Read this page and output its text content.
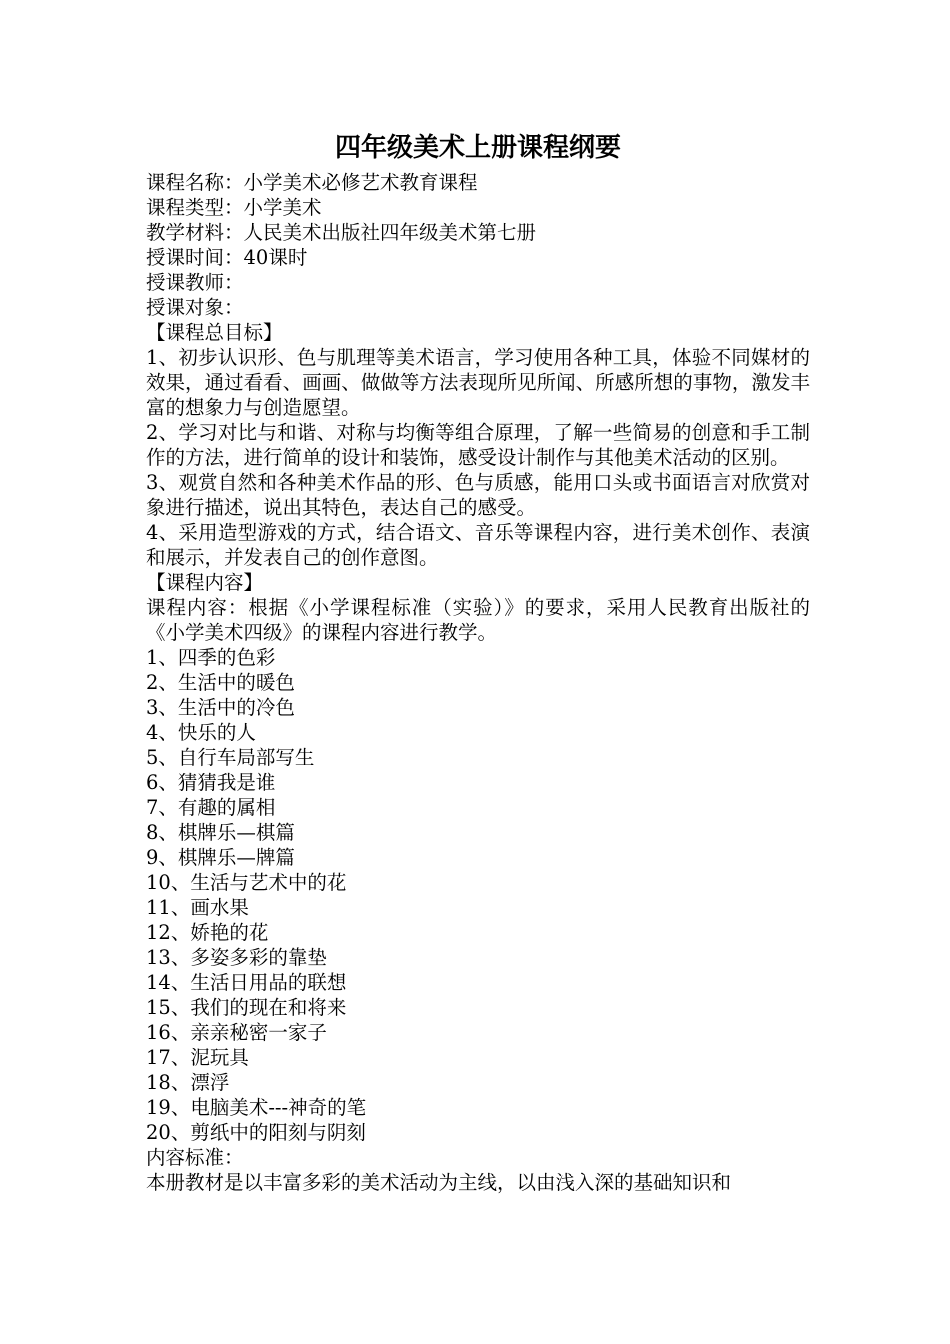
四年级美术上册课程纲要

课程名称：小学美术必修艺术教育课程

课程类型：小学美术

教学材料：人民美术出版社四年级美术第七册

授课时间：40课时

授课教师：

授课对象：

【课程总目标】

1、初步认识形、色与肌理等美术语言，学习使用各种工具，体验不同媒材的效果，通过看看、画画、做做等方法表现所见所闻、所感所想的事物，激发丰富的想象力与创造愿望。

2、学习对比与和谐、对称与均衡等组合原理，了解一些简易的创意和手工制作的方法，进行简单的设计和装饰，感受设计制作与其他美术活动的区别。

3、观赏自然和各种美术作品的形、色与质感，能用口头或书面语言对欣赏对象进行描述，说出其特色，表达自己的感受。

4、采用造型游戏的方式，结合语文、音乐等课程内容，进行美术创作、表演和展示，并发表自己的创作意图。

【课程内容】

课程内容：根据《小学课程标准（实验）》的要求，采用人民教育出版社的《小学美术四级》的课程内容进行教学。

1、四季的色彩

2、生活中的暖色

3、生活中的冷色

4、快乐的人

5、自行车局部写生

6、猜猜我是谁

7、有趣的属相

8、棋牌乐—棋篇

9、棋牌乐—牌篇

10、生活与艺术中的花

11、画水果

12、娇艳的花

13、多姿多彩的靠垫

14、生活日用品的联想

15、我们的现在和将来

16、亲亲秘密一家子

17、泥玩具

18、漂浮

19、电脑美术---神奇的笔

20、剪纸中的阳刻与阴刻

内容标准：

本册教材是以丰富多彩的美术活动为主线，以由浅入深的基础知识和
